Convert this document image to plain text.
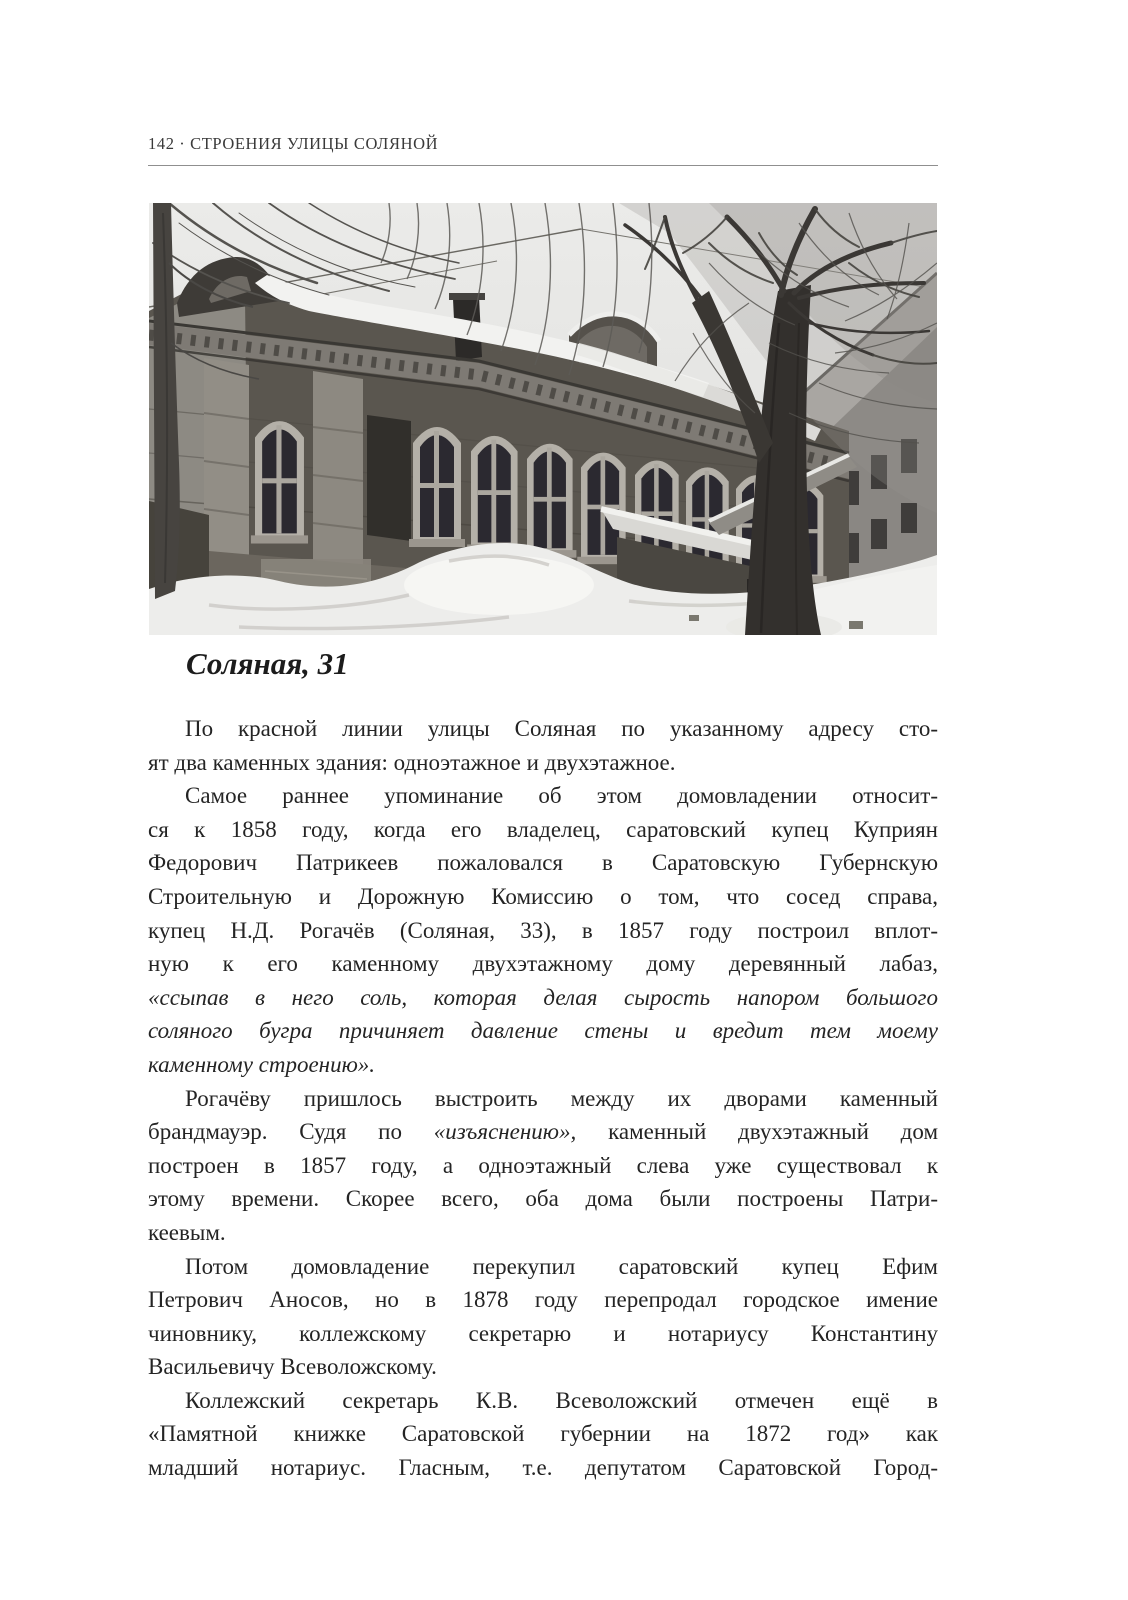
142 · СТРОЕНИЯ УЛИЦЫ СОЛЯНОЙ
Соляная, 31
По красной линии улицы Соляная по указанному адресу сто-
ят два каменных здания: одноэтажное и двухэтажное.
Самое раннее упоминание об этом домовладении относит-
ся к 1858 году, когда его владелец, саратовский купец Куприян
Федорович Патрикеев пожаловался в Саратовскую Губернскую
Строительную и Дорожную Комиссию о том, что сосед справа,
купец Н.Д. Рогачёв (Соляная, 33), в 1857 году построил вплот-
ную к его каменному двухэтажному дому деревянный лабаз,
«ссыпав в него соль, которая делая сырость напором большого
соляного бугра причиняет давление стены и вредит тем моему
каменному строению».
Рогачёву пришлось выстроить между их дворами каменный
брандмауэр. Судя по «изъяснению», каменный двухэтажный дом
построен в 1857 году, а одноэтажный слева уже существовал к
этому времени. Скорее всего, оба дома были построены Патри-
кеевым.
Потом домовладение перекупил саратовский купец Ефим
Петрович Аносов, но в 1878 году перепродал городское имение
чиновнику, коллежскому секретарю и нотариусу Константину
Васильевичу Всеволожскому.
Коллежский секретарь К.В. Всеволожский отмечен ещё в
«Памятной книжке Саратовской губернии на 1872 год» как
младший нотариус. Гласным, т.е. депутатом Саратовской Город-
